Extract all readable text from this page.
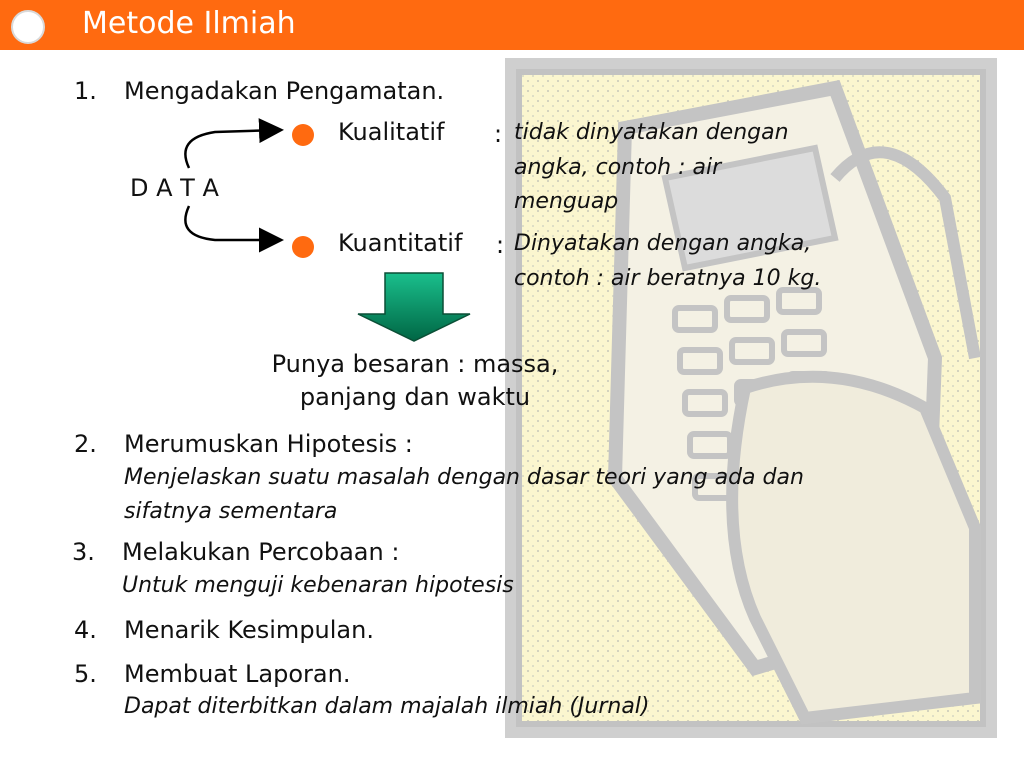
Metode Ilmiah
1. Mengadakan Pengamatan.
D A T A
Kualitatif : tidak dinyatakan dengan
angka, contoh : air
menguap
Kuantitatif : Dinyatakan dengan angka,
contoh : air beratnya 10 kg.
Punya besaran : massa,
panjang dan waktu
2. Merumuskan Hipotesis :
Menjelaskan suatu masalah dengan dasar teori yang ada dan
sifatnya sementara
3. Melakukan Percobaan :
Untuk menguji kebenaran hipotesis
4. Menarik Kesimpulan.
5. Membuat Laporan.
Dapat diterbitkan dalam majalah ilmiah (Jurnal)
